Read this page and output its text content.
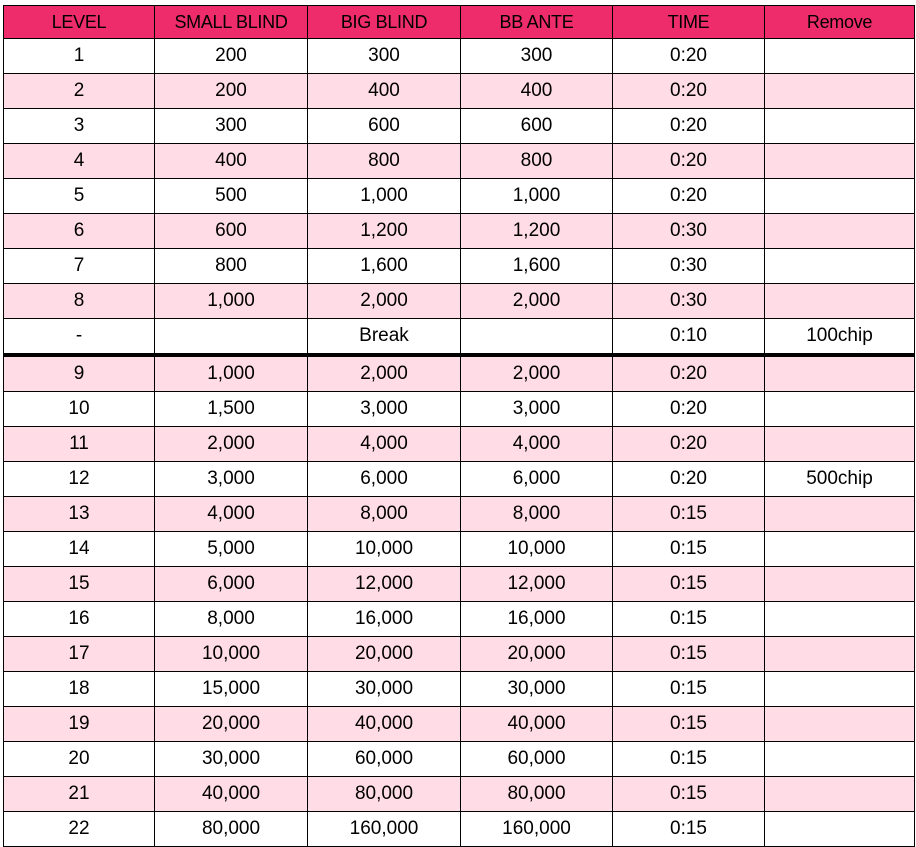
LEVEL	SMALL BLIND	BIG BLIND	BB ANTE	TIME	Remove
1	200	300	300	0:20	
2	200	400	400	0:20	
3	300	600	600	0:20	
4	400	800	800	0:20	
5	500	1,000	1,000	0:20	
6	600	1,200	1,200	0:30	
7	800	1,600	1,600	0:30	
8	1,000	2,000	2,000	0:30	
-		Break		0:10	100chip
9	1,000	2,000	2,000	0:20	
10	1,500	3,000	3,000	0:20	
11	2,000	4,000	4,000	0:20	
12	3,000	6,000	6,000	0:20	500chip
13	4,000	8,000	8,000	0:15	
14	5,000	10,000	10,000	0:15	
15	6,000	12,000	12,000	0:15	
16	8,000	16,000	16,000	0:15	
17	10,000	20,000	20,000	0:15	
18	15,000	30,000	30,000	0:15	
19	20,000	40,000	40,000	0:15	
20	30,000	60,000	60,000	0:15	
21	40,000	80,000	80,000	0:15	
22	80,000	160,000	160,000	0:15	
